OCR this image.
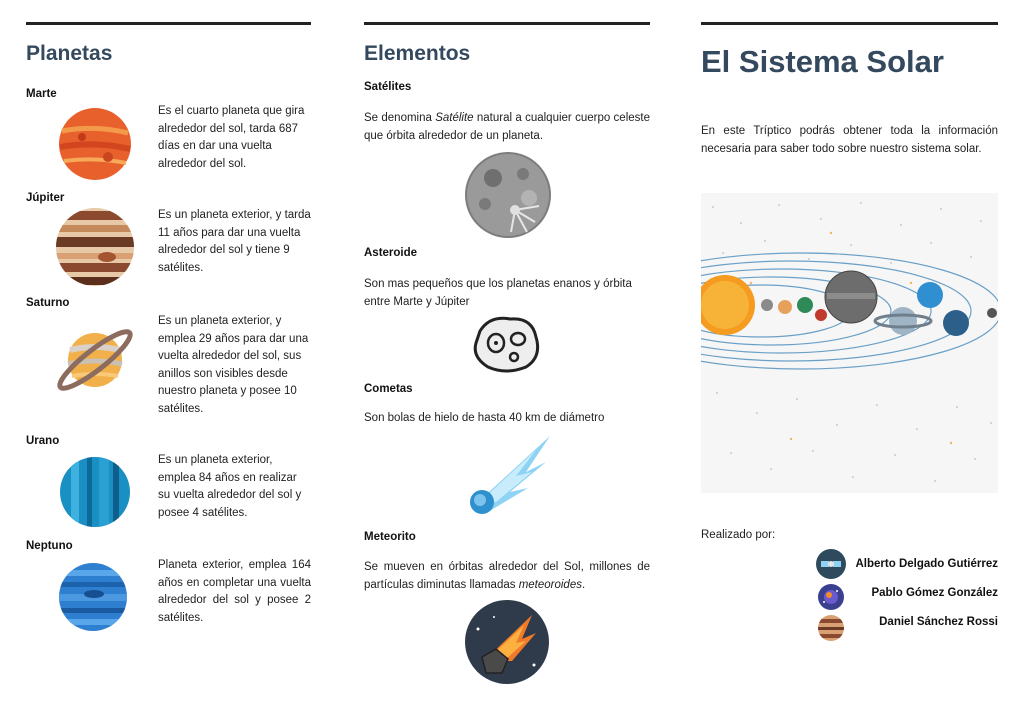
Planetas
Marte
Es el cuarto planeta que gira alrededor del sol, tarda 687 días en dar una vuelta alrededor del sol.
Júpiter
Es un planeta exterior, y tarda 11 años para dar una vuelta alrededor del sol y tiene 9 satélites.
Saturno
Es un planeta exterior, y emplea 29 años para dar una vuelta alrededor del sol, sus anillos son visibles desde nuestro planeta y posee 10 satélites.
Urano
Es un planeta exterior, emplea 84 años en realizar su vuelta alrededor del sol y posee 4 satélites.
Neptuno
Planeta exterior, emplea 164 años en completar una vuelta alrededor del sol y posee 2 satélites.
Elementos
Satélites
Se denomina Satélite natural a cualquier cuerpo celeste que órbita alrededor de un planeta.
Asteroide
Son mas pequeños que los planetas enanos y órbita entre Marte y Júpiter
Cometas
Son bolas de hielo de hasta 40 km de diámetro
Meteorito
Se mueven en órbitas alrededor del Sol, millones de partículas diminutas llamadas meteoroides.
El Sistema Solar
En este Tríptico podrás obtener toda la información necesaria para saber todo sobre nuestro sistema solar.
Realizado por:
Alberto Delgado Gutiérrez
Pablo Gómez González
Daniel Sánchez Rossi
